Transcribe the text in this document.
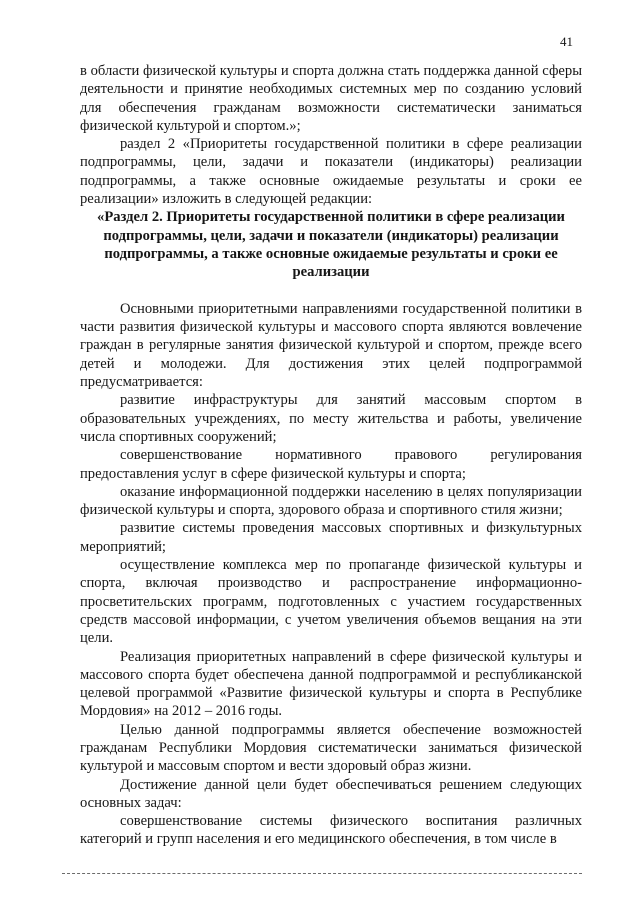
41

в области физической культуры и спорта должна стать поддержка данной сферы деятельности и принятие необходимых системных мер по созданию условий для обеспечения гражданам возможности систематически заниматься физической культурой и спортом.»;

раздел 2 «Приоритеты государственной политики в сфере реализации подпрограммы, цели, задачи и показатели (индикаторы) реализации подпрограммы, а также основные ожидаемые результаты и сроки ее реализации» изложить в следующей редакции:

«Раздел 2. Приоритеты государственной политики в сфере реализации подпрограммы, цели, задачи и показатели (индикаторы) реализации подпрограммы, а также основные ожидаемые результаты и сроки ее реализации

Основными приоритетными направлениями государственной политики в части развития физической культуры и массового спорта являются вовлечение граждан в регулярные занятия физической культурой и спортом, прежде всего детей и молодежи. Для достижения этих целей подпрограммой предусматривается:

развитие инфраструктуры для занятий массовым спортом в образовательных учреждениях, по месту жительства и работы, увеличение числа спортивных сооружений;

совершенствование нормативного правового регулирования предоставления услуг в сфере физической культуры и спорта;

оказание информационной поддержки населению в целях популяризации физической культуры и спорта, здорового образа и спортивного стиля жизни;

развитие системы проведения массовых спортивных и физкультурных мероприятий;

осуществление комплекса мер по пропаганде физической культуры и спорта, включая производство и распространение информационно-просветительских программ, подготовленных с участием государственных средств массовой информации, с учетом увеличения объемов вещания на эти цели.

Реализация приоритетных направлений в сфере физической культуры и массового спорта будет обеспечена данной подпрограммой и республиканской целевой программой «Развитие физической культуры и спорта в Республике Мордовия» на 2012 – 2016 годы.

Целью данной подпрограммы является обеспечение возможностей гражданам Республики Мордовия систематически заниматься физической культурой и массовым спортом и вести здоровый образ жизни.

Достижение данной цели будет обеспечиваться решением следующих основных задач:

совершенствование системы физического воспитания различных категорий и групп населения и его медицинского обеспечения, в том числе в
